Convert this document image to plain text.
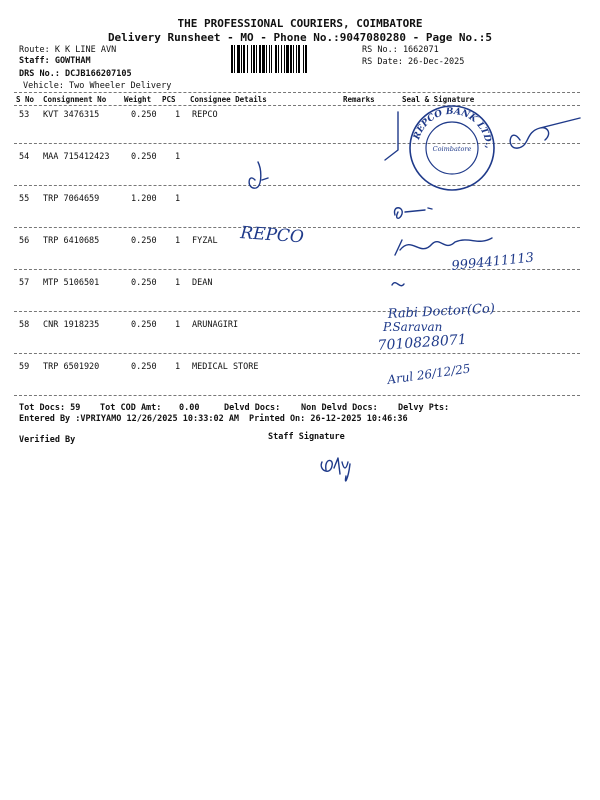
THE PROFESSIONAL COURIERS, COIMBATORE
Delivery Runsheet - MO - Phone No.:9047080280 - Page No.:5
Route: K K LINE AVN
Staff: GOWTHAM
DRS No.: DCJB166207105
Vehicle: Two Wheeler Delivery
RS No.: 1662071
RS Date: 26-Dec-2025
S No Consignment No Weight PCS Consignee Details	Remarks	Seal & Signature
53 KVT 3476315	0.250 1 REPCO
54 MAA 715412423	0.250 1
55 TRP 7064659	1.200 1
56 TRP 6410685	0.250 1 FYZAL
57 MTP 5106501	0.250 1 DEAN
58 CNR 1918235	0.250 1 ARUNAGIRI
59 TRP 6501920	0.250 1 MEDICAL STORE
Tot Docs: 59 Tot COD Amt: 0.00	Delvd Docs: Non Delvd Docs: Delvy Pts:
Entered By :VPRIYAMO 12/26/2025 10:33:02 AM Printed On: 26-12-2025 10:46:36
Verified By	Staff Signature
REPCO BANK LTD.,
Coimbatore
REPCO
9994411113
Rabi Doctor(Co)
P.Saravan
7010828071
Arul 26/12/25
